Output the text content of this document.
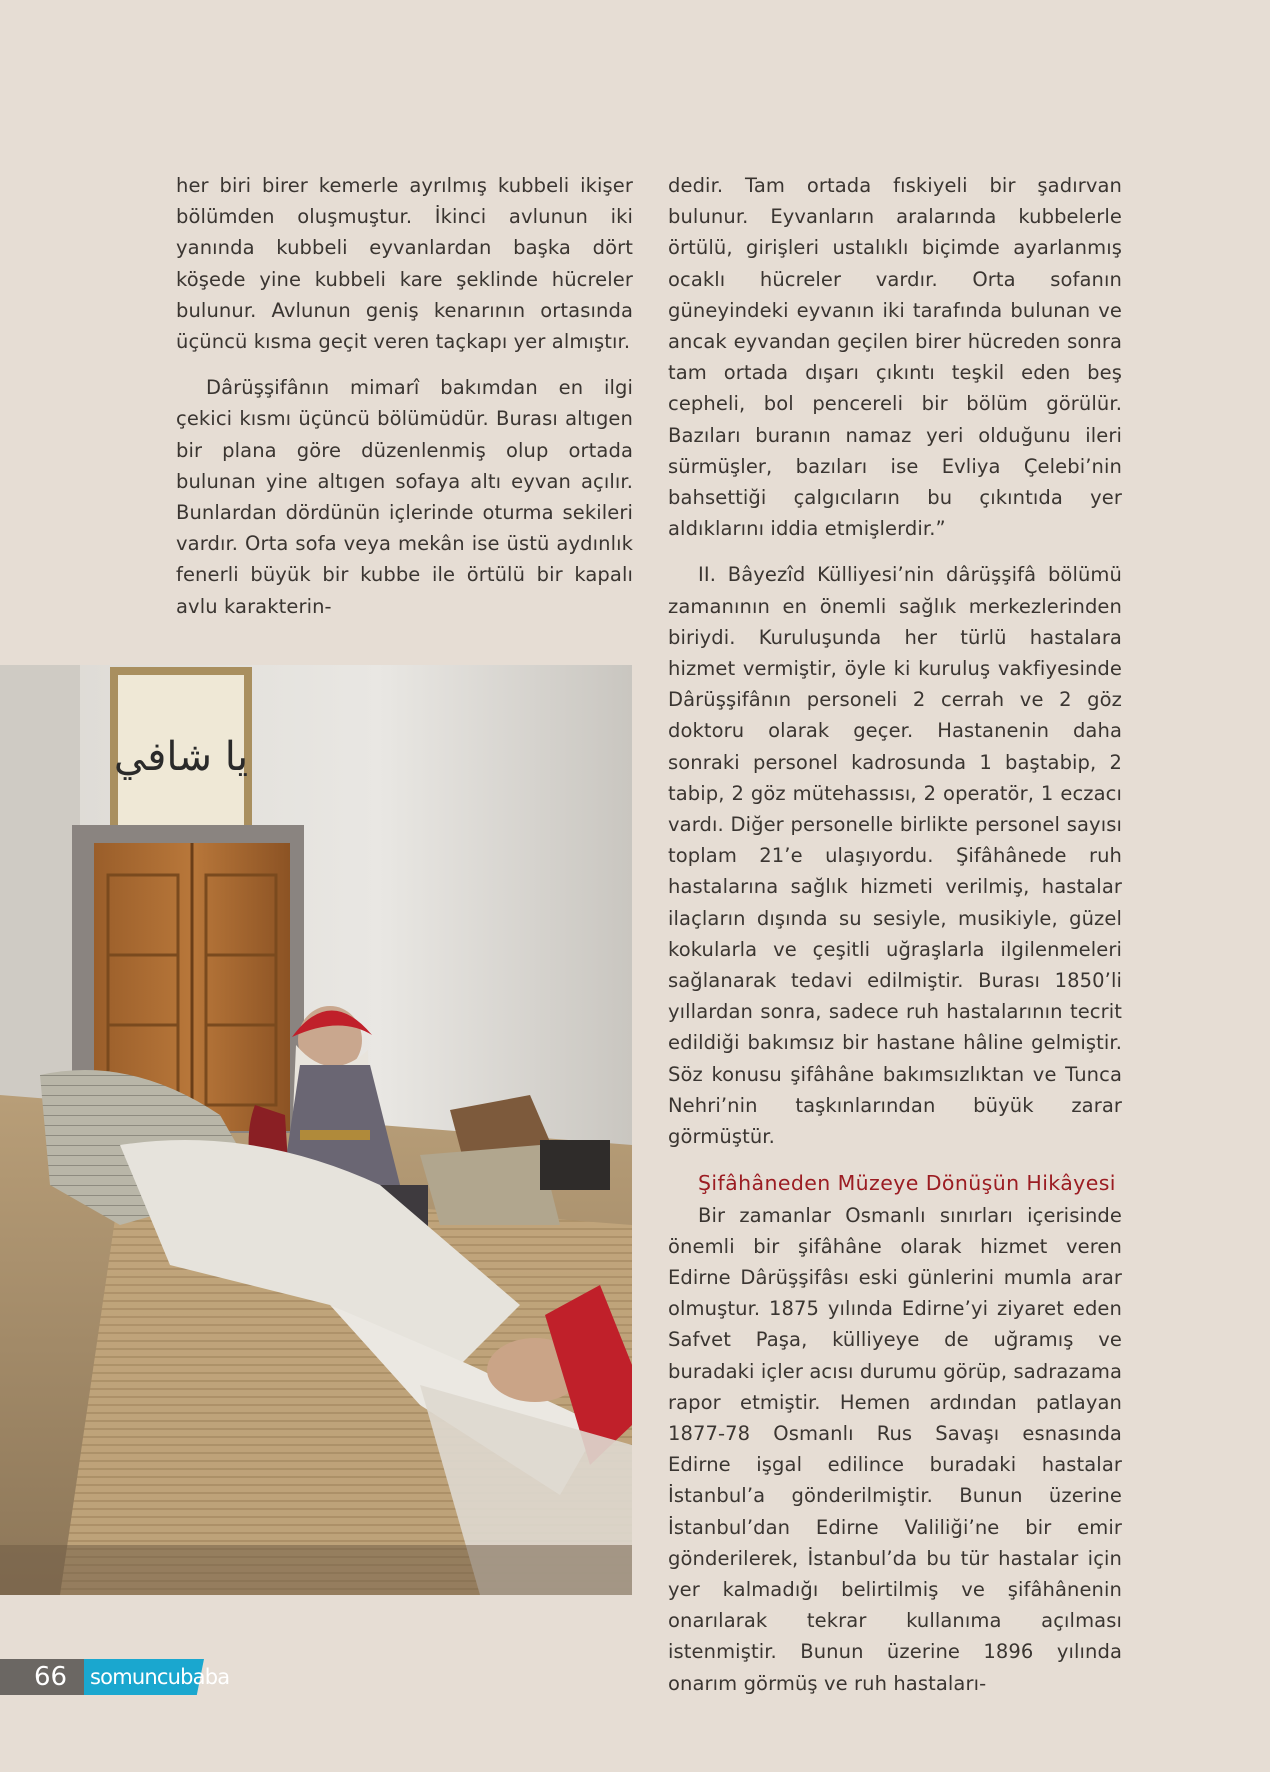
her biri birer kemerle ayrılmış kubbeli ikişer bölümden oluşmuştur. İkinci avlunun iki yanında kubbeli eyvanlardan başka dört köşede yine kubbeli kare şeklinde hücreler bulunur. Avlunun geniş kenarının ortasında üçüncü kısma geçit veren taçkapı yer almıştır.

Dârüşşifânın mimarî bakımdan en ilgi çekici kısmı üçüncü bölümüdür. Burası altıgen bir plana göre düzenlenmiş olup ortada bulunan yine altıgen sofaya altı eyvan açılır. Bunlardan dördünün içlerinde oturma sekileri vardır. Orta sofa veya mekân ise üstü aydınlık fenerli büyük bir kubbe ile örtülü bir kapalı avlu karakterin-

يا شافي

dedir. Tam ortada fıskiyeli bir şadırvan bulunur. Eyvanların aralarında kubbelerle örtülü, girişleri ustalıklı biçimde ayarlanmış ocaklı hücreler vardır. Orta sofanın güneyindeki eyvanın iki tarafında bulunan ve ancak eyvandan geçilen birer hücreden sonra tam ortada dışarı çıkıntı teşkil eden beş cepheli, bol pencereli bir bölüm görülür. Bazıları buranın namaz yeri olduğunu ileri sürmüşler, bazıları ise Evliya Çelebi’nin bahsettiği çalgıcıların bu çıkıntıda yer aldıklarını iddia etmişlerdir.”

II. Bâyezîd Külliyesi’nin dârüşşifâ bölümü zamanının en önemli sağlık merkezlerinden biriydi. Kuruluşunda her türlü hastalara hizmet vermiştir, öyle ki kuruluş vakfiyesinde Dârüşşifânın personeli 2 cerrah ve 2 göz doktoru olarak geçer. Hastanenin daha sonraki personel kadrosunda 1 baştabip, 2 tabip, 2 göz mütehassısı, 2 operatör, 1 eczacı vardı. Diğer personelle birlikte personel sayısı toplam 21’e ulaşıyordu. Şifâhânede ruh hastalarına sağlık hizmeti verilmiş, hastalar ilaçların dışında su sesiyle, musikiyle, güzel kokularla ve çeşitli uğraşlarla ilgilenmeleri sağlanarak tedavi edilmiştir. Burası 1850’li yıllardan sonra, sadece ruh hastalarının tecrit edildiği bakımsız bir hastane hâline gelmiştir. Söz konusu şifâhâne bakımsızlıktan ve Tunca Nehri’nin taşkınlarından büyük zarar görmüştür.

Şifâhâneden Müzeye Dönüşün Hikâyesi

Bir zamanlar Osmanlı sınırları içerisinde önemli bir şifâhâne olarak hizmet veren Edirne Dârüşşifâsı eski günlerini mumla arar olmuştur. 1875 yılında Edirne’yi ziyaret eden Safvet Paşa, külliyeye de uğramış ve buradaki içler acısı durumu görüp, sadrazama rapor etmiştir. Hemen ardından patlayan 1877-78 Osmanlı Rus Savaşı esnasında Edirne işgal edilince buradaki hastalar İstanbul’a gönderilmiştir. Bunun üzerine İstanbul’dan Edirne Valiliği’ne bir emir gönderilerek, İstanbul’da bu tür hastalar için yer kalmadığı belirtilmiş ve şifâhânenin onarılarak tekrar kullanıma açılması istenmiştir. Bunun üzerine 1896 yılında onarım görmüş ve ruh hastaları-

66 somuncubaba
